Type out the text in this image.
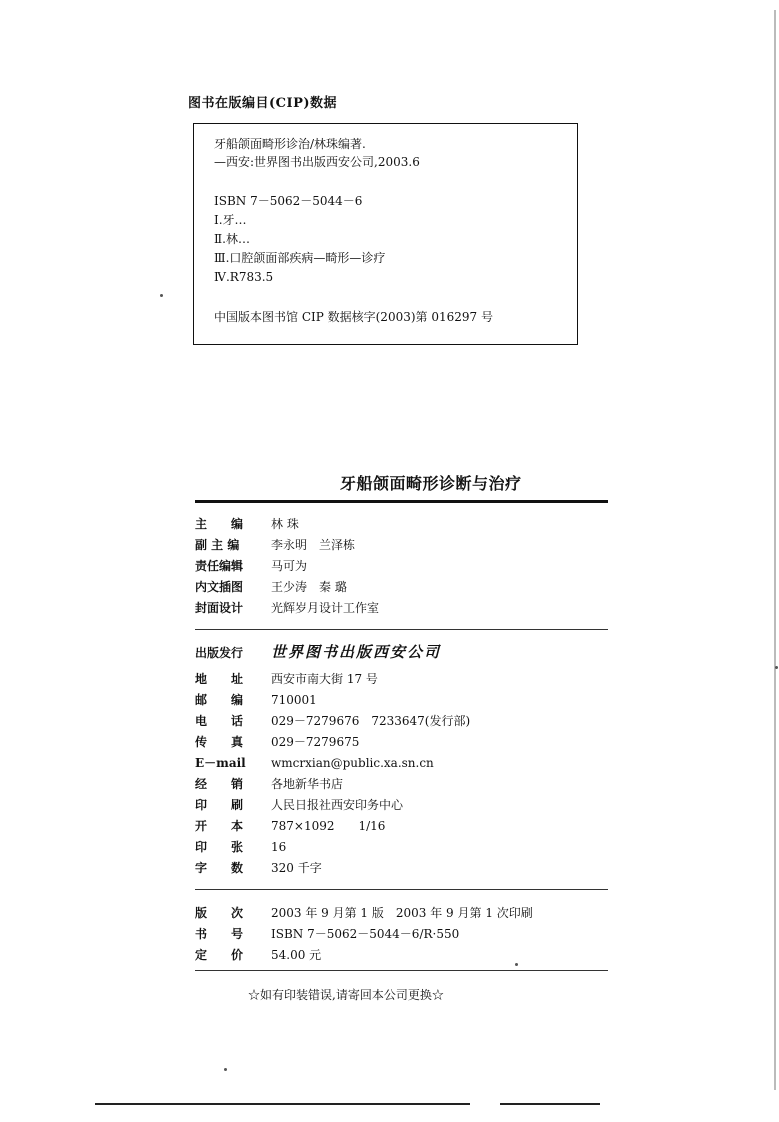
图书在版编目(CIP)数据
牙船颌面畸形诊治/林珠编著.
—西安:世界图书出版西安公司,2003.6
ISBN 7－5062－5044－6
Ⅰ.牙…
Ⅱ.林…
Ⅲ.口腔颌面部疾病—畸形—诊疗
Ⅳ.R783.5
中国版本图书馆 CIP 数据核字(2003)第 016297 号
牙船颌面畸形诊断与治疗
主　　编 林 珠
副 主 编	李永明　兰泽栋
责任编辑 马可为
内文插图 王少涛　秦 璐
封面设计 光辉岁月设计工作室
出版发行 世界图书出版西安公司
地　　址 西安市南大街 17 号
邮　　编 710001
电　　话 029－7279676　7233647(发行部)
传　　真 029－7279675
E－mail wmcrxian@public.xa.sn.cn
经　　销 各地新华书店
印　　刷 人民日报社西安印务中心
开　　本 787×1092　　1/16
印　　张 16
字　　数 320 千字
版　　次 2003 年 9 月第 1 版　2003 年 9 月第 1 次印刷
书　　号 ISBN 7－5062－5044－6/R·550
定　　价 54.00 元
☆如有印装错误,请寄回本公司更换☆
